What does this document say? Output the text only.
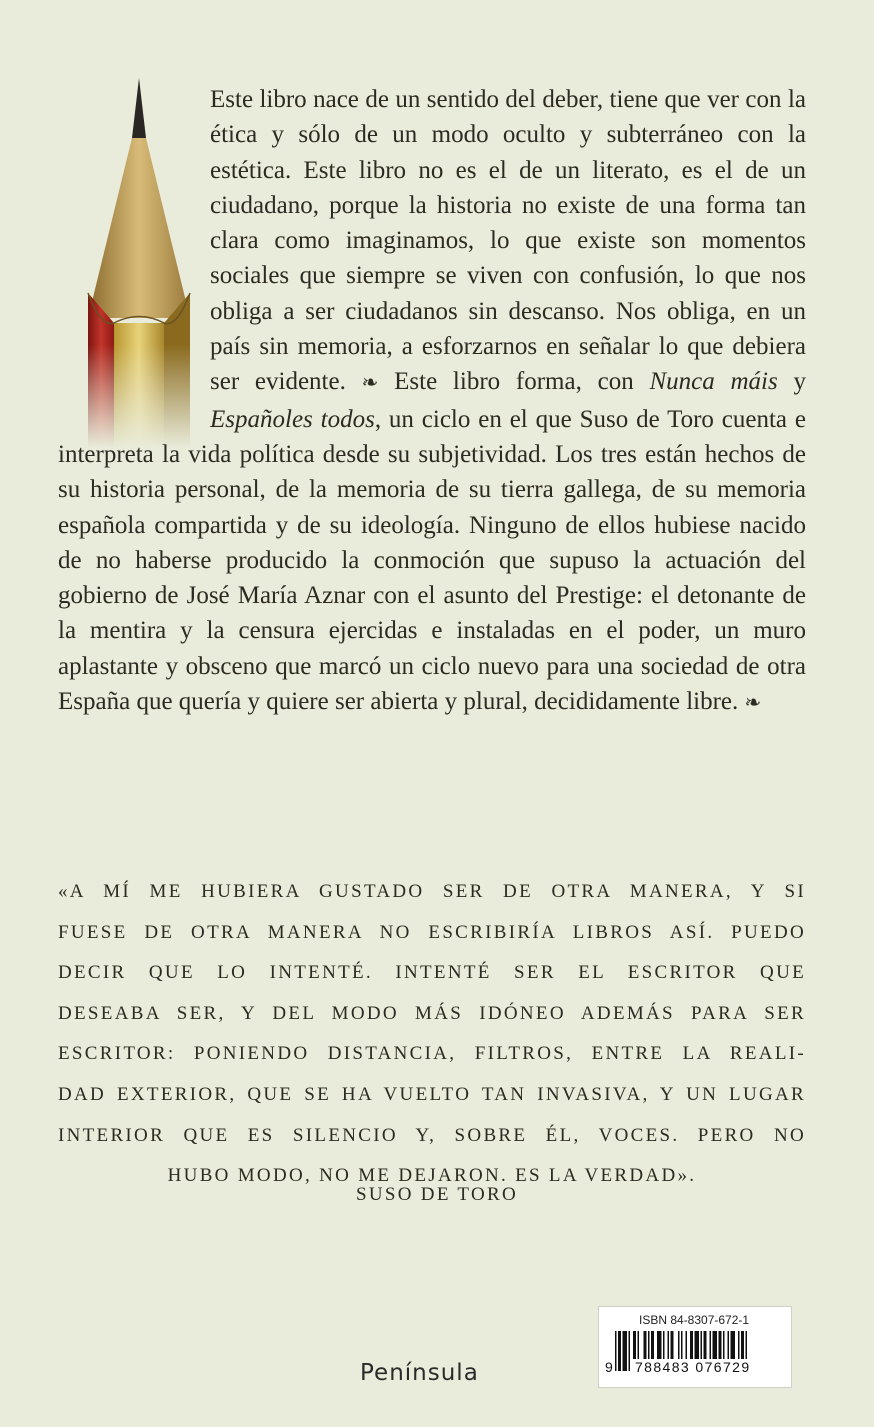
Este libro nace de un sentido del deber, tiene que ver con la ética y sólo de un modo oculto y subterráneo con la estética. Este libro no es el de un literato, es el de un ciudadano, porque la historia no existe de una forma tan clara como imaginamos, lo que existe son momentos sociales que siempre se viven con confusión, lo que nos obliga a ser ciudadanos sin descanso. Nos obliga, en un país sin memoria, a esforzarnos en señalar lo que debiera ser evidente. ❧ Este libro forma, con Nunca máis y Españoles todos, un ciclo en el que Suso de Toro cuenta e interpreta la vida política desde su subjetividad. Los tres están hechos de su historia personal, de la memoria de su tierra gallega, de su memoria española compartida y de su ideología. Ninguno de ellos hubiese nacido de no haberse producido la conmoción que supuso la actuación del gobierno de José María Aznar con el asunto del Prestige: el detonante de la mentira y la censura ejercidas e instaladas en el poder, un muro aplastante y obsceno que marcó un ciclo nuevo para una sociedad de otra España que quería y quiere ser abierta y plural, decididamente libre. ❧

«A MÍ ME HUBIERA GUSTADO SER DE OTRA MANERA, Y SI
FUESE DE OTRA MANERA NO ESCRIBIRÍA LIBROS ASÍ. PUEDO
DECIR QUE LO INTENTÉ. INTENTÉ SER EL ESCRITOR QUE
DESEABA SER, Y DEL MODO MÁS IDÓNEO ADEMÁS PARA SER
ESCRITOR: PONIENDO DISTANCIA, FILTROS, ENTRE LA REALI-
DAD EXTERIOR, QUE SE HA VUELTO TAN INVASIVA, Y UN LUGAR
INTERIOR QUE ES SILENCIO Y, SOBRE ÉL, VOCES. PERO NO
HUBO MODO, NO ME DEJARON. ES LA VERDAD».
SUSO DE TORO
Península
ISBN 84-8307-672-1
9 788483 076729
